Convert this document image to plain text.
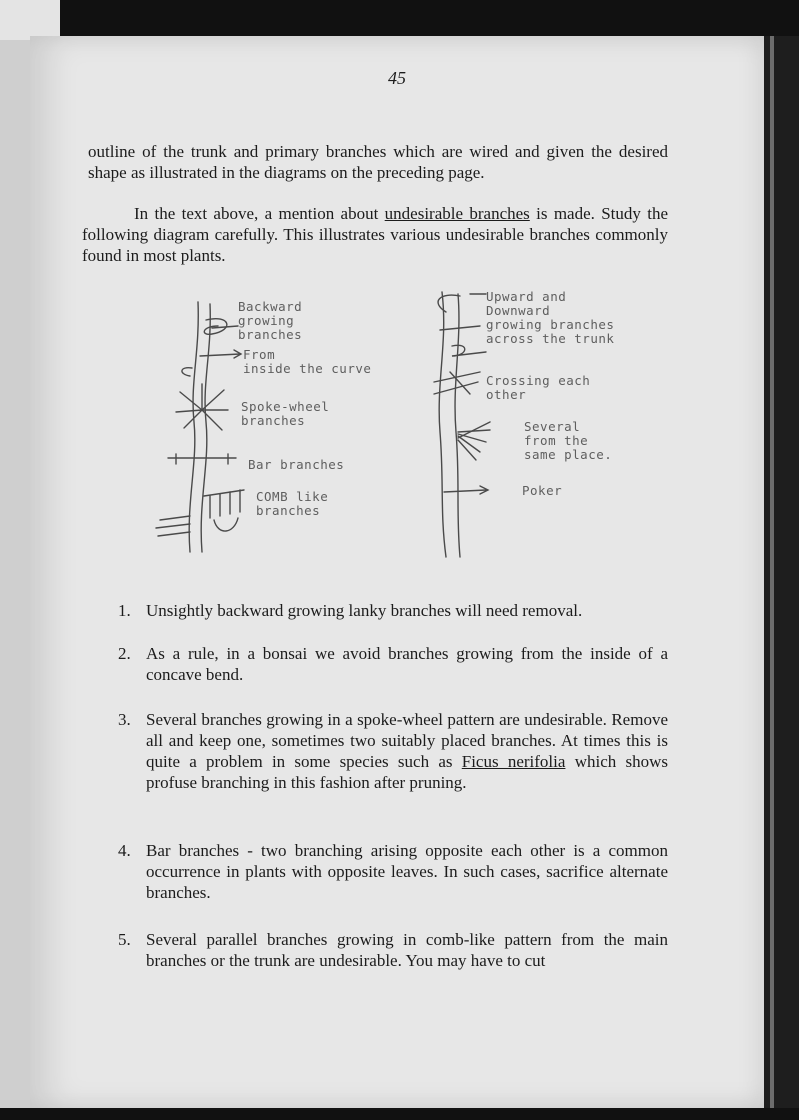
45

outline of the trunk and primary branches which are wired and given the desired shape as illustrated in the diagrams on the preceding page.

In the text above, a mention about undesirable branches is made. Study the following diagram carefully. This illustrates various undesirable branches commonly found in most plants.

Backward
growing
branches
From
inside the curve
Spoke-wheel
branches
Bar branches
COMB like
branches
Upward and
Downward
growing branches
across the trunk
Crossing each
other
Several
from the
same place.
Poker
1. Unsightly backward growing lanky branches will need removal.
2. As a rule, in a bonsai we avoid branches growing from the inside of a concave bend.
3. Several branches growing in a spoke-wheel pattern are undesirable. Remove all and keep one, sometimes two suitably placed branches. At times this is quite a problem in some species such as Ficus nerifolia which shows profuse branching in this fashion after pruning.
4. Bar branches - two branching arising opposite each other is a common occurrence in plants with opposite leaves. In such cases, sacrifice alternate branches.
5. Several parallel branches growing in comb-like pattern from the main branches or the trunk are undesirable. You may have to cut
